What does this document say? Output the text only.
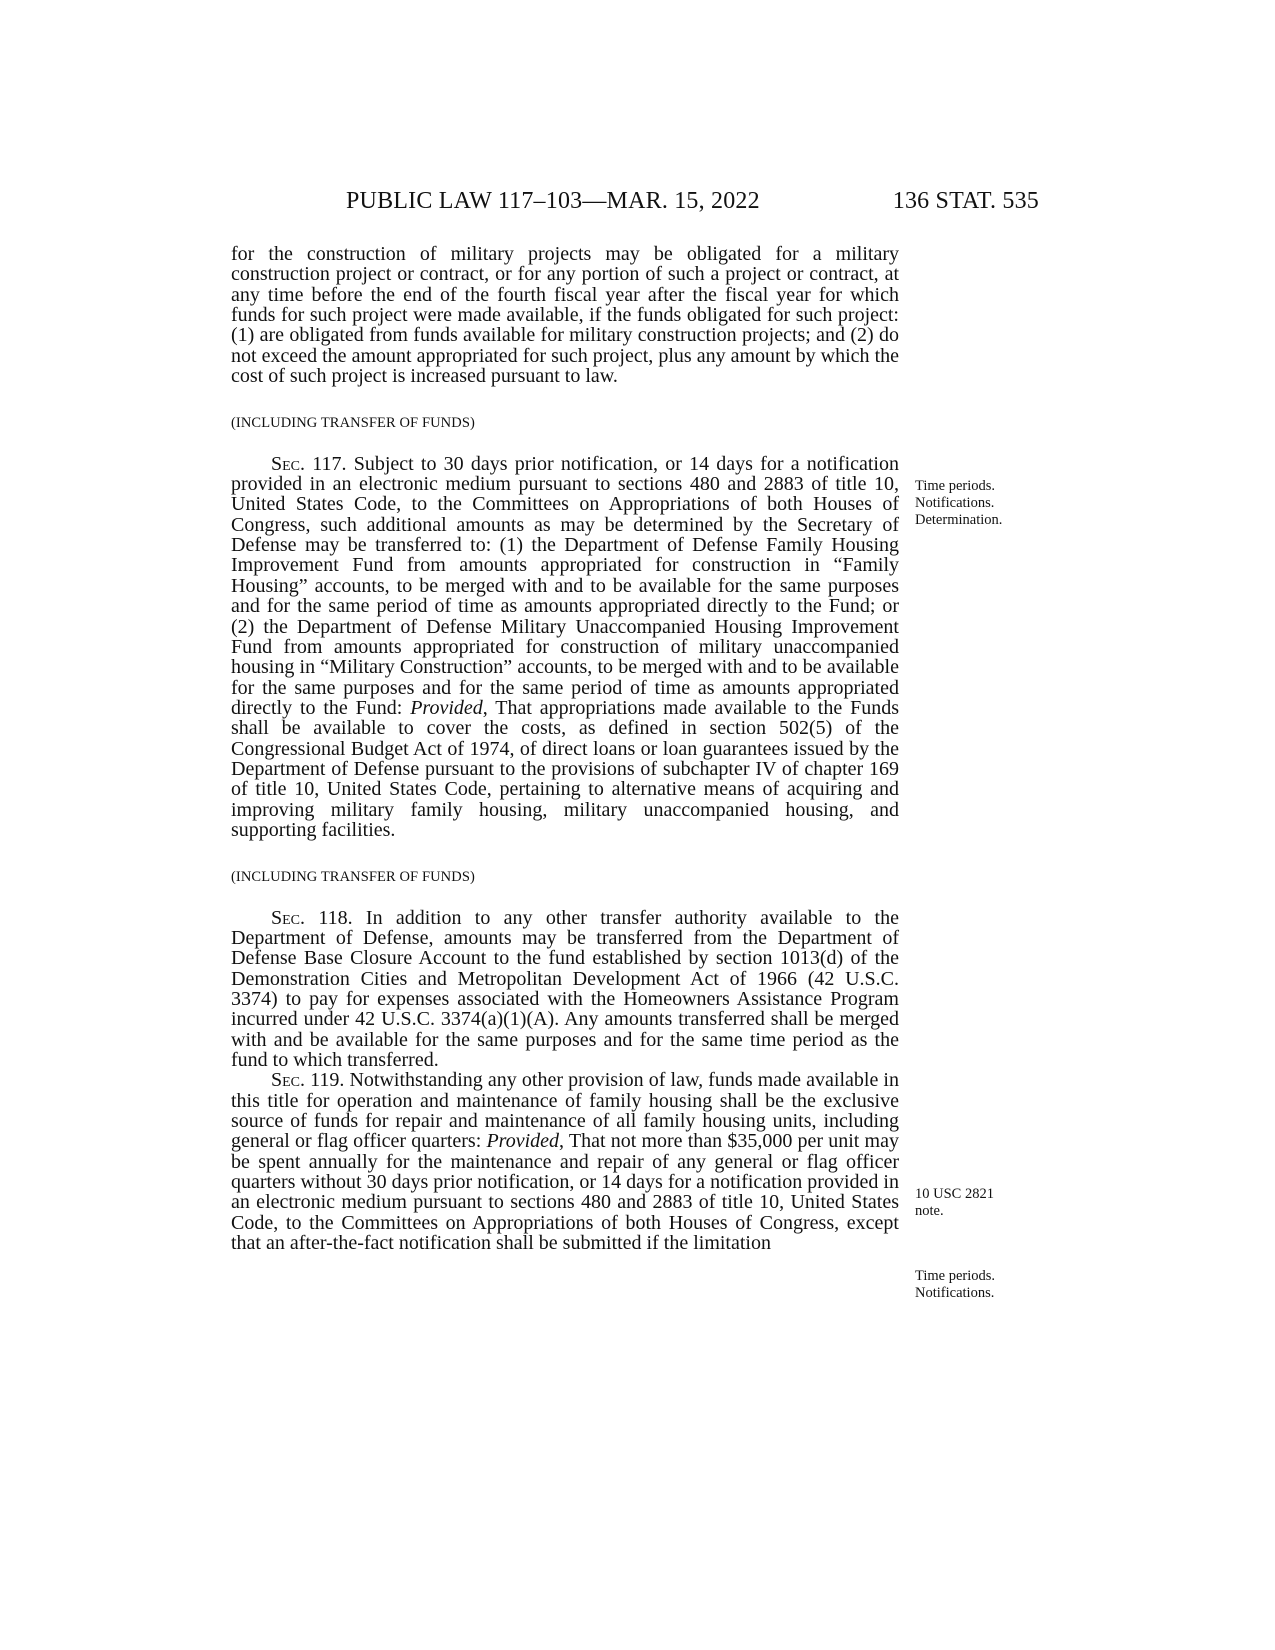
PUBLIC LAW 117–103—MAR. 15, 2022	136 STAT. 535

for the construction of military projects may be obligated for a military construction project or contract, or for any portion of such a project or contract, at any time before the end of the fourth fiscal year after the fiscal year for which funds for such project were made available, if the funds obligated for such project: (1) are obligated from funds available for military construction projects; and (2) do not exceed the amount appropriated for such project, plus any amount by which the cost of such project is increased pursuant to law.

(INCLUDING TRANSFER OF FUNDS)

Sec. 117. Subject to 30 days prior notification, or 14 days for a notification provided in an electronic medium pursuant to sections 480 and 2883 of title 10, United States Code, to the Committees on Appropriations of both Houses of Congress, such additional amounts as may be determined by the Secretary of Defense may be transferred to: (1) the Department of Defense Family Housing Improvement Fund from amounts appropriated for construction in “Family Housing” accounts, to be merged with and to be available for the same purposes and for the same period of time as amounts appropriated directly to the Fund; or (2) the Department of Defense Military Unaccompanied Housing Improvement Fund from amounts appropriated for construction of military unaccompanied housing in “Military Construction” accounts, to be merged with and to be available for the same purposes and for the same period of time as amounts appropriated directly to the Fund: Provided, That appropriations made available to the Funds shall be available to cover the costs, as defined in section 502(5) of the Congressional Budget Act of 1974, of direct loans or loan guarantees issued by the Department of Defense pursuant to the provisions of subchapter IV of chapter 169 of title 10, United States Code, pertaining to alternative means of acquiring and improving military family housing, military unaccompanied housing, and supporting facilities.

(INCLUDING TRANSFER OF FUNDS)

Sec. 118. In addition to any other transfer authority available to the Department of Defense, amounts may be transferred from the Department of Defense Base Closure Account to the fund established by section 1013(d) of the Demonstration Cities and Metropolitan Development Act of 1966 (42 U.S.C. 3374) to pay for expenses associated with the Homeowners Assistance Program incurred under 42 U.S.C. 3374(a)(1)(A). Any amounts transferred shall be merged with and be available for the same purposes and for the same time period as the fund to which transferred.

Sec. 119. Notwithstanding any other provision of law, funds made available in this title for operation and maintenance of family housing shall be the exclusive source of funds for repair and maintenance of all family housing units, including general or flag officer quarters: Provided, That not more than $35,000 per unit may be spent annually for the maintenance and repair of any general or flag officer quarters without 30 days prior notification, or 14 days for a notification provided in an electronic medium pursuant to sections 480 and 2883 of title 10, United States Code, to the Committees on Appropriations of both Houses of Congress, except that an after-the-fact notification shall be submitted if the limitation

Time periods.
Notifications.
Determination.
10 USC 2821
note.
Time periods.
Notifications.
